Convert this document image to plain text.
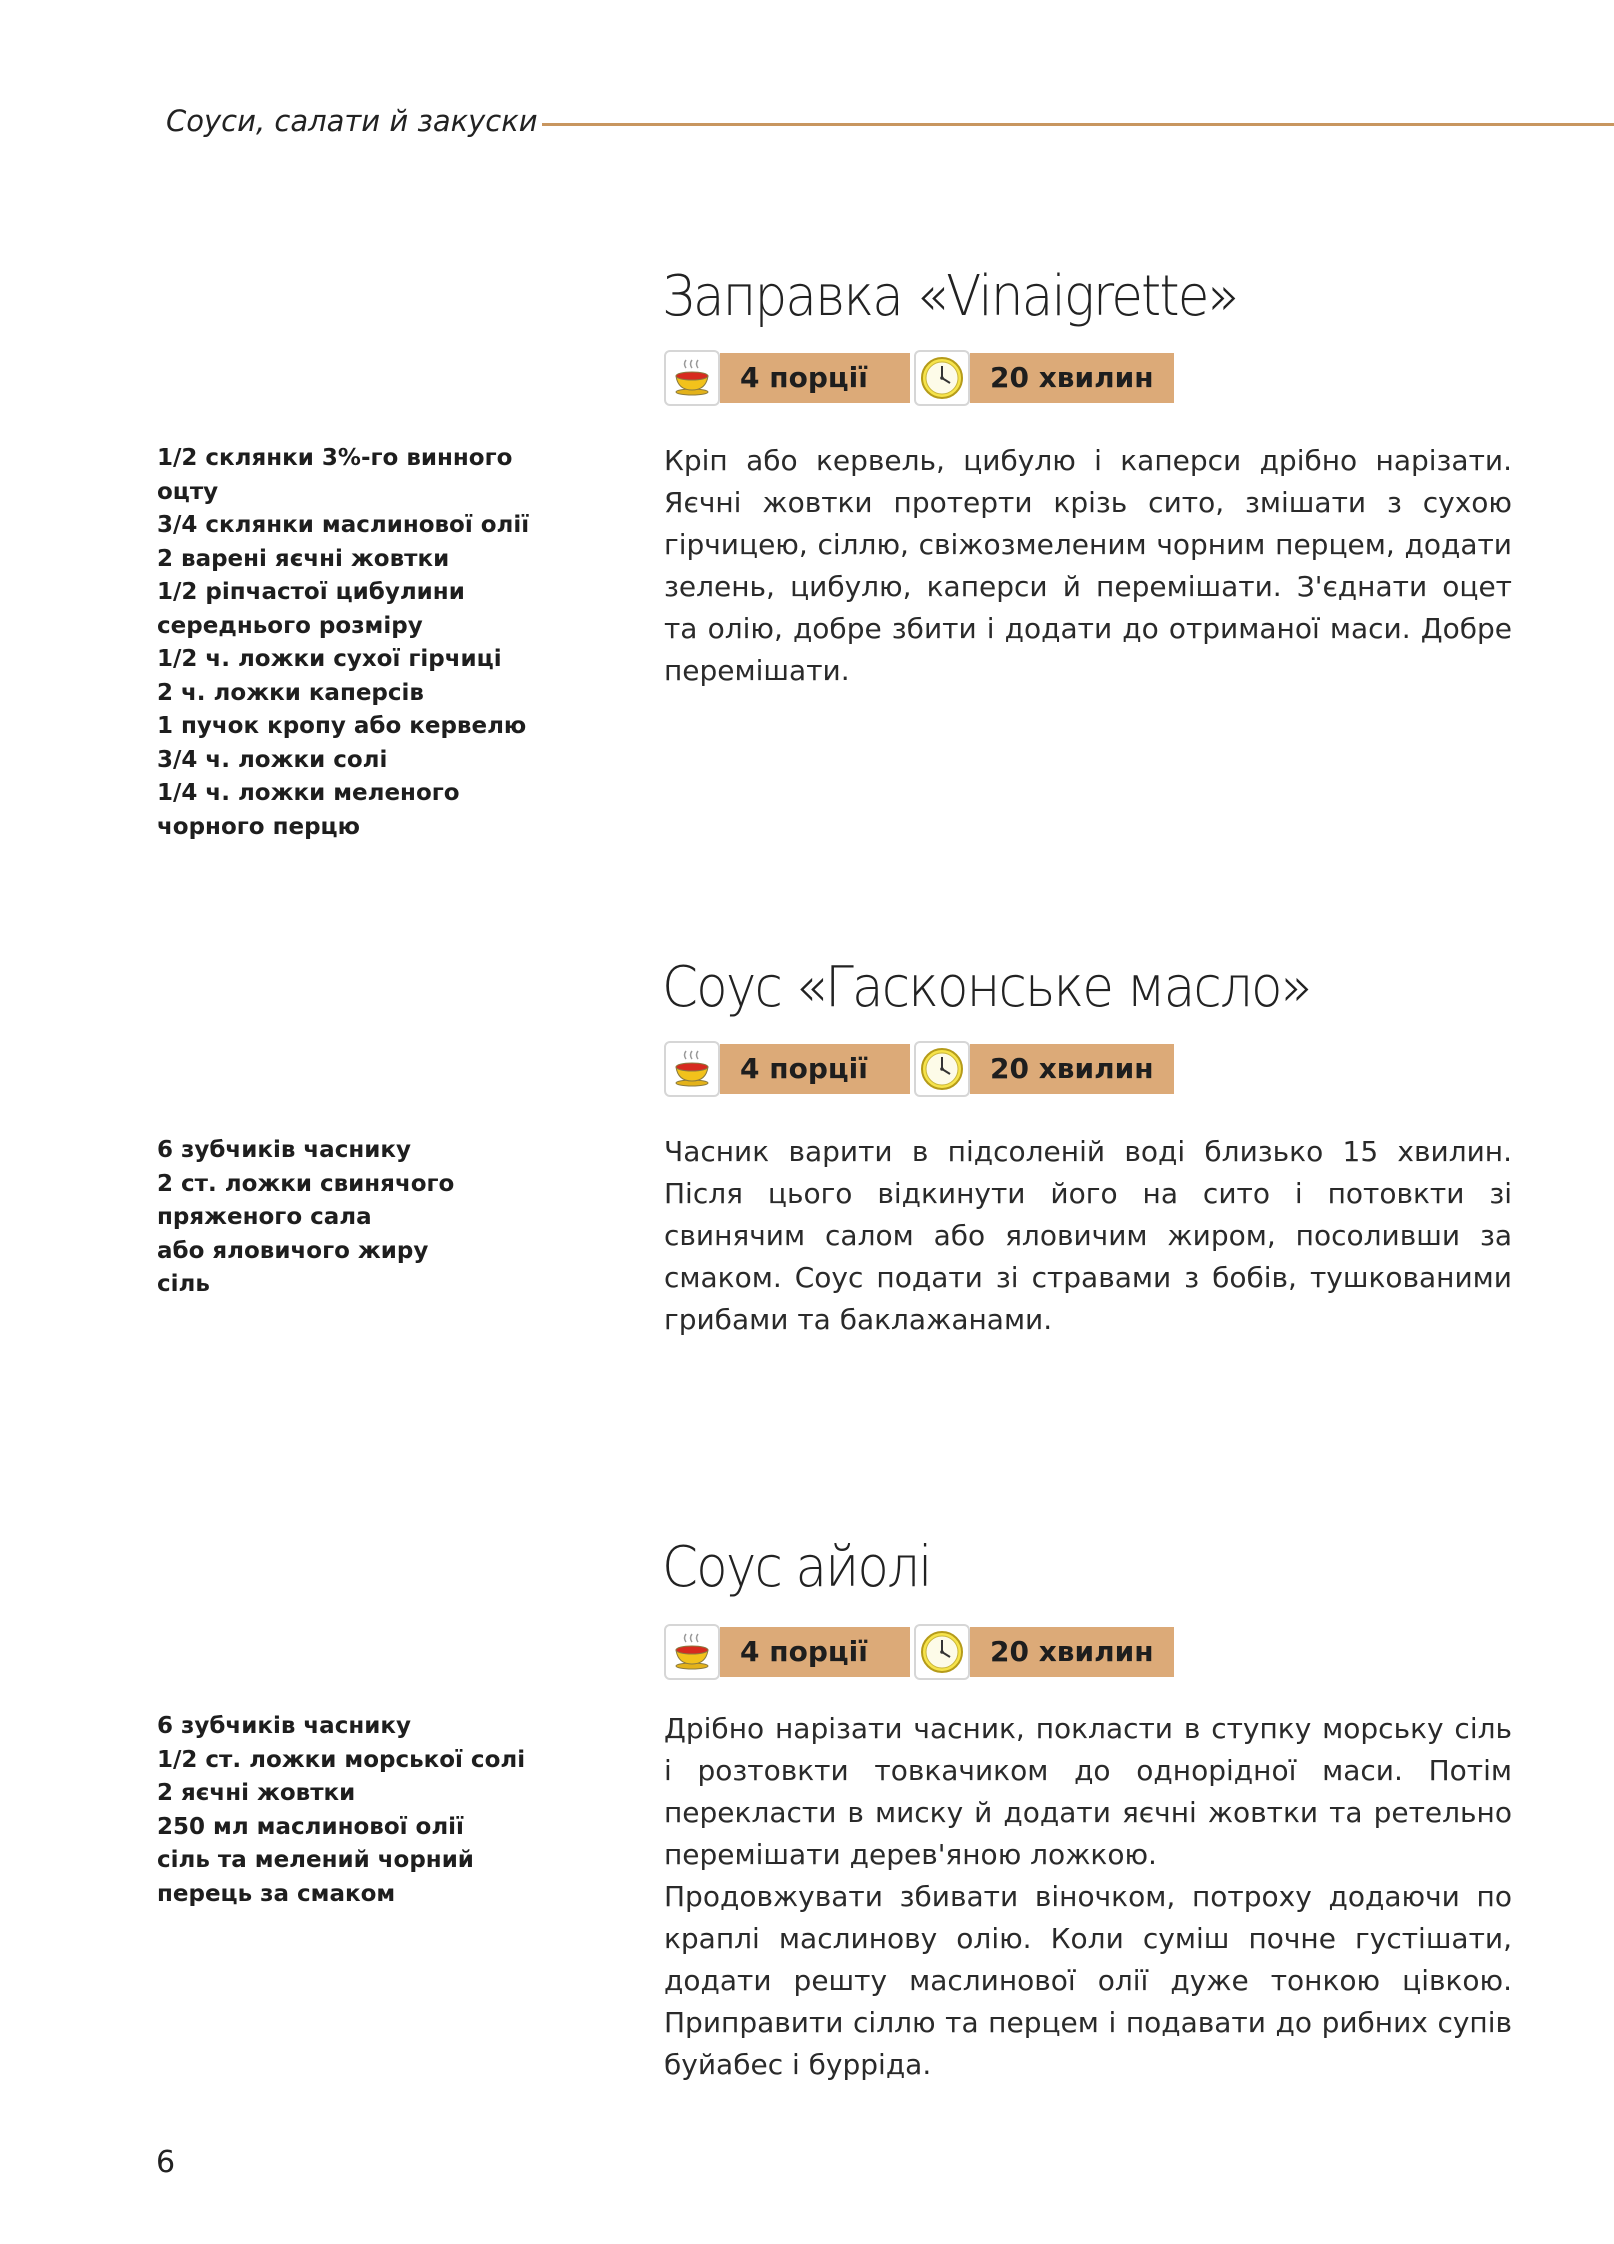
Соуси, салати й закуски
Заправка «Vinaigrette»
4 порції	20 хвилин
1/2 склянки 3%-го винного
оцту
3/4 склянки маслинової олії
2 варені яєчні жовтки
1/2 ріпчастої цибулини
середнього розміру
1/2 ч. ложки сухої гірчиці
2 ч. ложки каперсів
1 пучок кропу або кервелю
3/4 ч. ложки солі
1/4 ч. ложки меленого
чорного перцю

Кріп або кервель, цибулю і каперси дрібно нарізати. Яєчні жовтки протерти крізь сито, змішати з сухою гірчицею, сіллю, свіжозмеленим чорним перцем, додати зелень, цибулю, каперси й перемішати. З'єднати оцет та олію, добре збити і додати до отриманої маси. Добре перемішати.

Соус «Гасконське масло»
4 порції	20 хвилин
6 зубчиків часнику
2 ст. ложки свинячого
пряженого сала
або яловичого жиру
сіль

Часник варити в підсоленій воді близько 15 хвилин. Після цього відкинути його на сито і потовкти зі свинячим салом або яловичим жиром, посоливши за смаком. Соус подати зі стравами з бобів, тушкованими грибами та баклажанами.

Соус айолі
4 порції	20 хвилин
6 зубчиків часнику
1/2 ст. ложки морської солі
2 яєчні жовтки
250 мл маслинової олії
сіль та мелений чорний
перець за смаком

Дрібно нарізати часник, покласти в ступку морську сіль і розтовкти товкачиком до однорідної маси. Потім перекласти в миску й додати яєчні жовтки та ретельно перемішати дерев'яною ложкою.

Продовжувати збивати віночком, потроху додаючи по краплі маслинову олію. Коли суміш почне густішати, додати решту маслинової олії дуже тонкою цівкою. Приправити сіллю та перцем і подавати до рибних супів буйабес і бурріда.

6
